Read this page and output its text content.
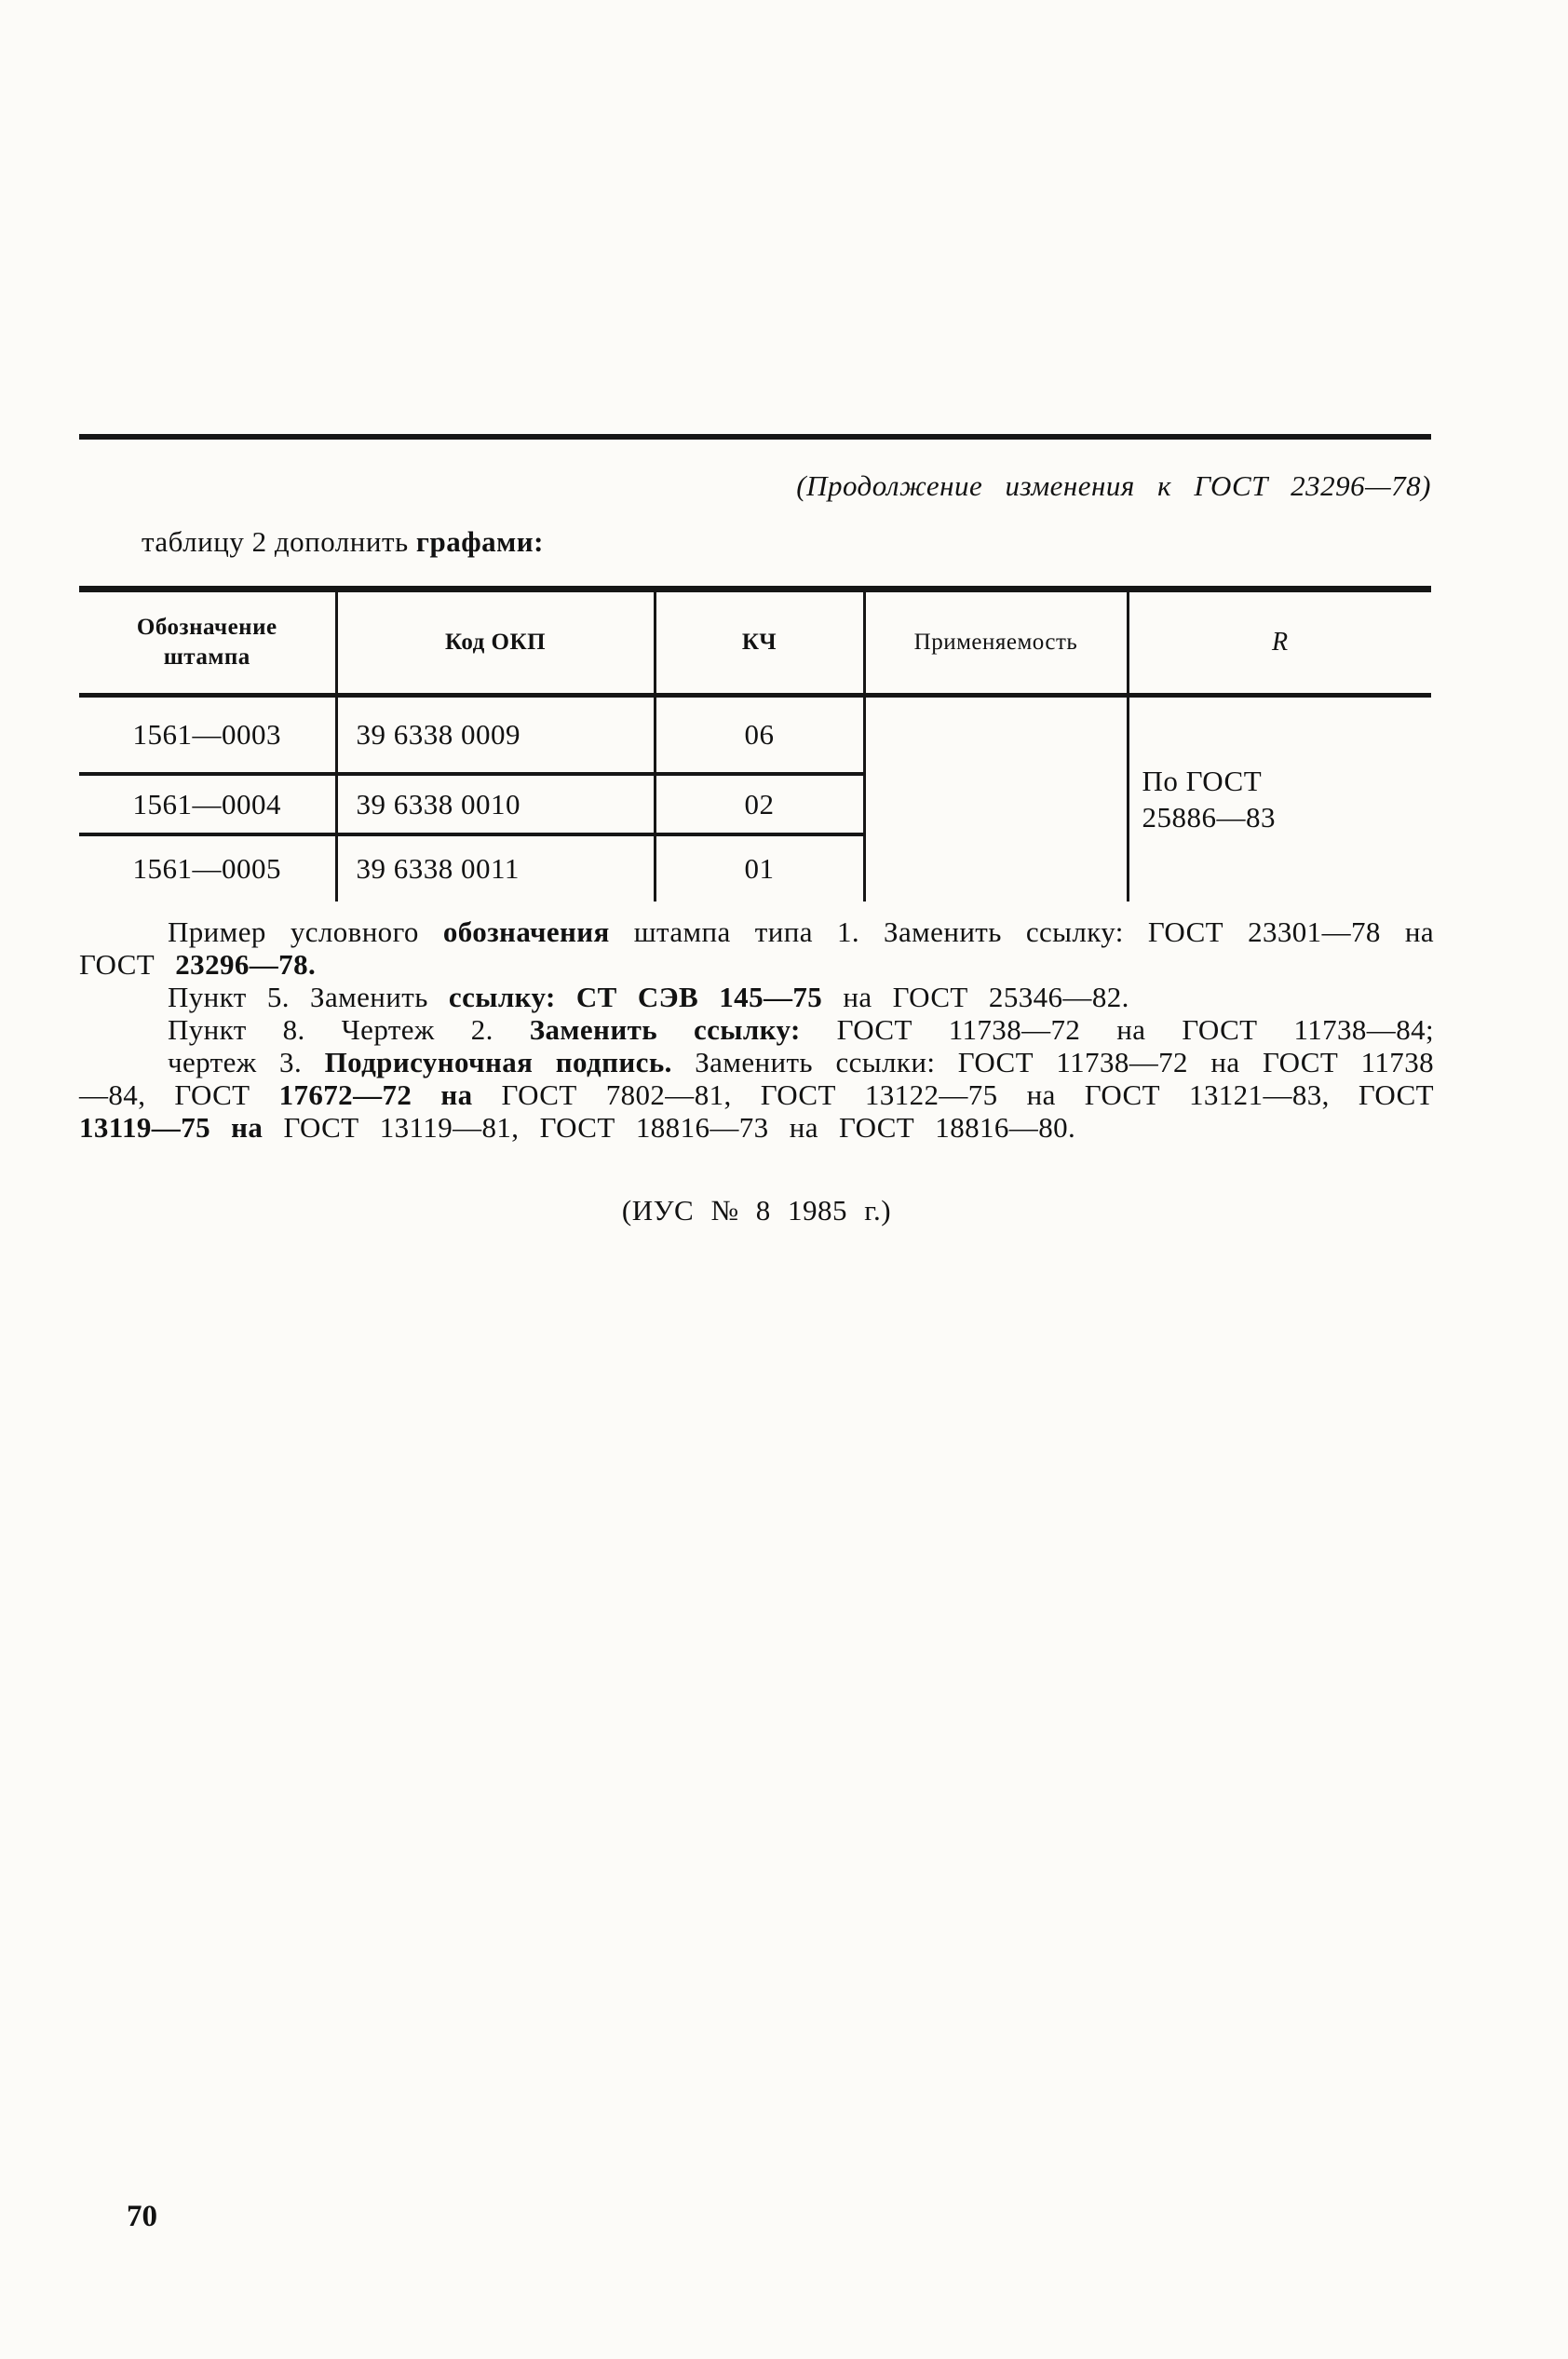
(Продолжение изменения к ГОСТ 23296—78)
таблицу 2 дополнить графами:
Обозначение штампа	Код ОКП	КЧ	Применяемость	R
1561—0003	39 6338 0009	06		По ГОСТ 25886—83
1561—0004	39 6338 0010	02		
1561—0005	39 6338 0011	01		

Пример условного обозначения штампа типа 1. Заменить ссылку: ГОСТ 23301—78 на ГОСТ 23296—78.

Пункт 5. Заменить ссылку: СТ СЭВ 145—75 на ГОСТ 25346—82.

Пункт 8. Чертеж 2. Заменить ссылку: ГОСТ 11738—72 на ГОСТ 11738—84;

чертеж 3. Подрисуночная подпись. Заменить ссылки: ГОСТ 11738—72 на ГОСТ 11738—84, ГОСТ 17672—72 на ГОСТ 7802—81, ГОСТ 13122—75 на ГОСТ 13121—83, ГОСТ 13119—75 на ГОСТ 13119—81, ГОСТ 18816—73 на ГОСТ 18816—80.

(ИУС № 8 1985 г.)
70
